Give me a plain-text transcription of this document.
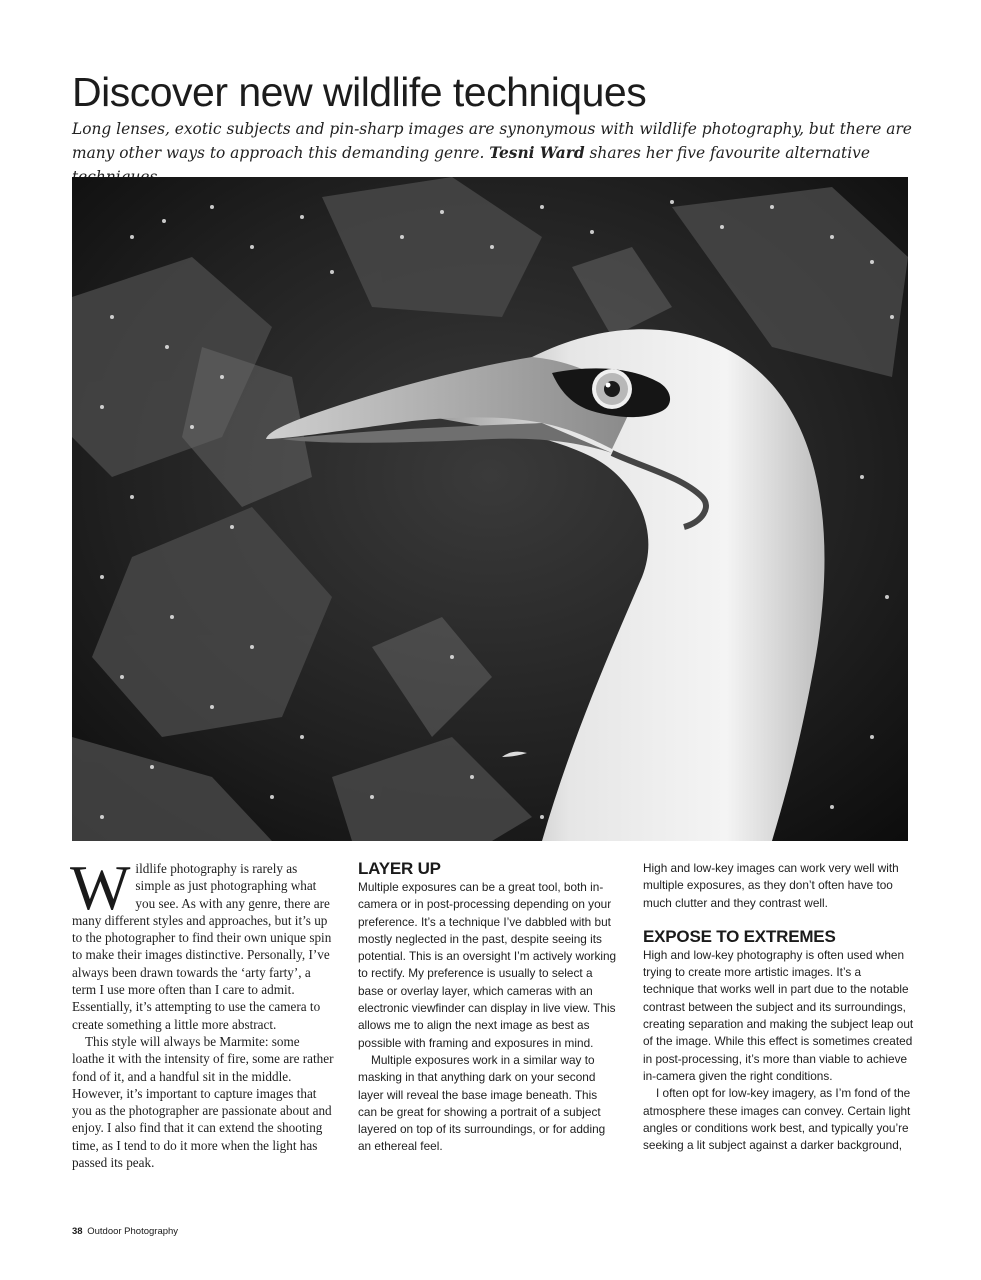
Discover new wildlife techniques

Long lenses, exotic subjects and pin-sharp images are synonymous with wildlife photography, but there are many other ways to approach this demanding genre. Tesni Ward shares her five favourite alternative

Wildlife photography is rarely as simple as just photographing what you see. As with any genre, there are many different styles and approaches, but it’s up to the photographer to find their own unique spin to make their images distinctive. Personally, I’ve always been drawn towards the ‘arty farty’, a term I use more often than I care to admit. Essentially, it’s attempting to use the camera to create something a little more abstract.

This style will always be Marmite: some loathe it with the intensity of fire, some are rather fond of it, and a handful sit in the middle. However, it’s important to capture images that you as the photographer are passionate about and enjoy. I also find that it can extend the shooting time, as I tend to do it more when the light has passed its peak.

LAYER UP

Multiple exposures can be a great tool, both in-camera or in post-processing depending on your preference. It’s a technique I’ve dabbled with but mostly neglected in the past, despite seeing its potential. This is an oversight I’m actively working to rectify. My preference is usually to select a base or overlay layer, which cameras with an electronic viewfinder can display in live view. This allows me to align the next image as best as possible with framing and exposures in mind.

Multiple exposures work in a similar way to masking in that anything dark on your second layer will reveal the base image beneath. This can be great for showing a portrait of a subject layered on top of its surroundings, or for adding an ethereal feel.

High and low-key images can work very well with multiple exposures, as they don’t often have too much clutter and they contrast well.

EXPOSE TO EXTREMES

High and low-key photography is often used when trying to create more artistic images. It’s a technique that works well in part due to the notable contrast between the subject and its surroundings, creating separation and making the subject leap out of the image. While this effect is sometimes created in post-processing, it’s more than viable to achieve in-camera given the right conditions.

I often opt for low-key imagery, as I’m fond of the atmosphere these images can convey. Certain light angles or conditions work best, and typically you’re seeking a lit subject against a darker background,

38 Outdoor Photography
